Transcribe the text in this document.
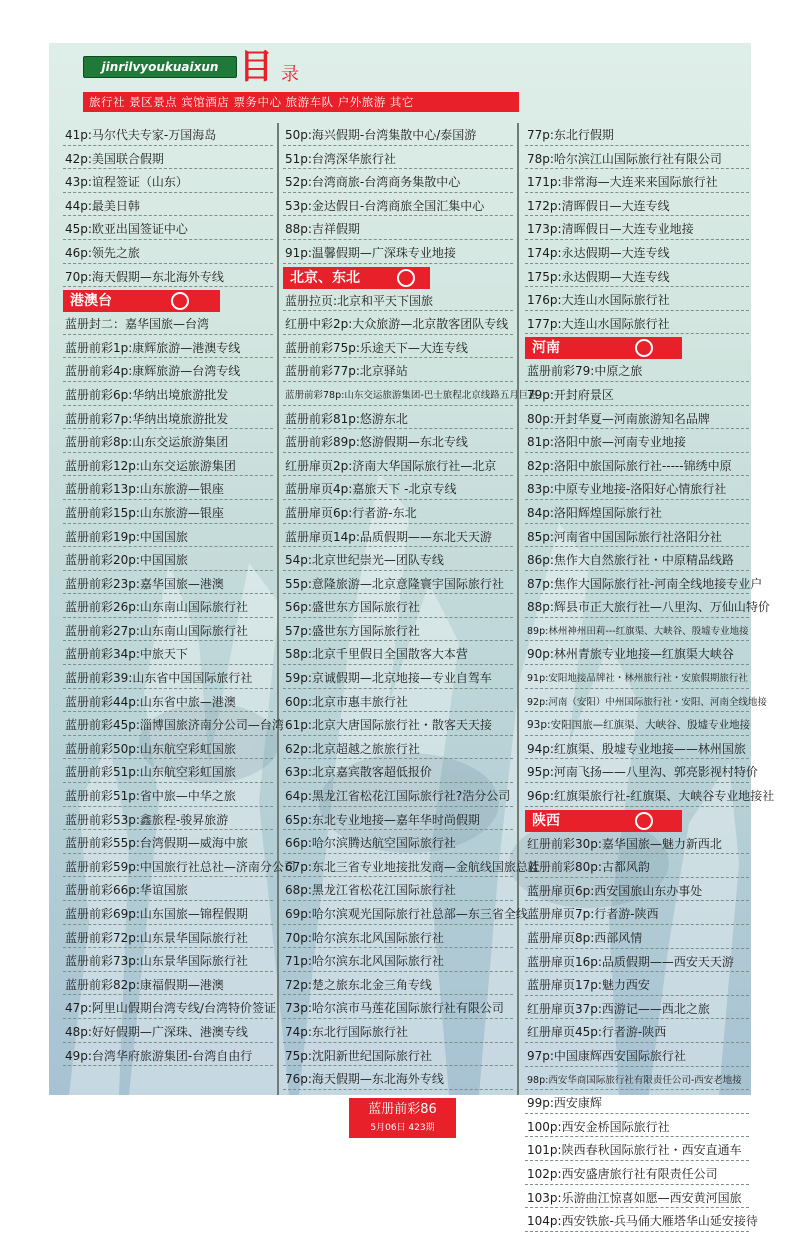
jinrilvyoukuaixun 目 录
旅行社 景区景点 宾馆酒店 票务中心 旅游车队 户外旅游 其它
41p:马尔代夫专家-万国海岛
42p:美国联合假期
43p:谊程签证（山东）
44p:最美日韩
45p:欧亚出国签证中心
46p:领先之旅
70p:海天假期—东北海外专线
港澳台
蓝册封二：嘉华国旅—台湾
蓝册前彩1p:康辉旅游—港澳专线
蓝册前彩4p:康辉旅游—台湾专线
蓝册前彩6p:华纳出境旅游批发
蓝册前彩7p:华纳出境旅游批发
蓝册前彩8p:山东交运旅游集团
蓝册前彩12p:山东交运旅游集团
蓝册前彩13p:山东旅游—银座
蓝册前彩15p:山东旅游—银座
蓝册前彩19p:中国国旅
蓝册前彩20p:中国国旅
蓝册前彩23p:嘉华国旅—港澳
蓝册前彩26p:山东南山国际旅行社
蓝册前彩27p:山东南山国际旅行社
蓝册前彩34p:中旅天下
蓝册前彩39:山东省中国国际旅行社
蓝册前彩44p:山东省中旅—港澳
蓝册前彩45p:淄博国旅济南分公司—台湾
蓝册前彩50p:山东航空彩虹国旅
蓝册前彩51p:山东航空彩虹国旅
蓝册前彩51p:省中旅—中华之旅
蓝册前彩53p:鑫旅程-骏昇旅游
蓝册前彩55p:台湾假期—威海中旅
蓝册前彩59p:中国旅行社总社—济南分公司
蓝册前彩66p:华谊国旅
蓝册前彩69p:山东国旅—锦程假期
蓝册前彩72p:山东景华国际旅行社
蓝册前彩73p:山东景华国际旅行社
蓝册前彩82p:康福假期—港澳
47p:阿里山假期台湾专线/台湾特价签证
48p:好好假期—广深珠、港澳专线
49p:台湾华府旅游集团-台湾自由行
50p:海兴假期-台湾集散中心/泰国游
51p:台湾深华旅行社
52p:台湾商旅-台湾商务集散中心
53p:金达假日-台湾商旅全国汇集中心
88p:吉祥假期
91p:温馨假期—广深珠专业地接
北京、东北
蓝册拉页:北京和平天下国旅
红册中彩2p:大众旅游—北京散客团队专线
蓝册前彩75p:乐途天下—大连专线
蓝册前彩77p:北京驿站
蓝册前彩78p:山东交运旅游集团-巴士旅程北京线路五月巨惠
蓝册前彩81p:悠游东北
蓝册前彩89p:悠游假期—东北专线
红册扉页2p:济南大华国际旅行社—北京
蓝册扉页4p:嘉旅天下 -北京专线
蓝册扉页6p:行者游-东北
蓝册扉页14p:品质假期——东北天天游
54p:北京世纪崇光—团队专线
55p:意隆旅游—北京意隆寰宇国际旅行社
56p:盛世东方国际旅行社
57p:盛世东方国际旅行社
58p:北京千里假日全国散客大本营
59p:京诚假期—北京地接—专业自驾车
60p:北京市惠丰旅行社
61p:北京大唐国际旅行社・散客天天接
62p:北京超越之旅旅行社
63p:北京嘉宾散客超低报价
64p:黑龙江省松花江国际旅行社?浩分公司
65p:东北专业地接—嘉年华时尚假期
66p:哈尔滨腾达航空国际旅行社
67p:东北三省专业地接批发商—金航线国旅总社
68p:黑龙江省松花江国际旅行社
69p:哈尔滨观光国际旅行社总部—东三省全线
70p:哈尔滨东北风国际旅行社
71p:哈尔滨东北风国际旅行社
72p:楚之旅东北金三角专线
73p:哈尔滨市马莲花国际旅行社有限公司
74p:东北行国际旅行社
75p:沈阳新世纪国际旅行社
76p:海天假期—东北海外专线
77p:东北行假期
78p:哈尔滨江山国际旅行社有限公司
171p:非常海—大连来来国际旅行社
172p:清晖假日—大连专线
173p:清晖假日—大连专业地接
174p:永达假期—大连专线
175p:永达假期—大连专线
176p:大连山水国际旅行社
177p:大连山水国际旅行社
河南
蓝册前彩79:中原之旅
79p:开封府景区
80p:开封华夏—河南旅游知名品牌
81p:洛阳中旅—河南专业地接
82p:洛阳中旅国际旅行社-----锦绣中原
83p:中原专业地接-洛阳好心情旅行社
84p:洛阳辉煌国际旅行社
85p:河南省中国国际旅行社洛阳分社
86p:焦作大自然旅行社・中原精品线路
87p:焦作大国际旅行社-河南全线地接专业户
88p:辉县市正大旅行社—八里沟、万仙山特价
89p:林州神州田莉---红旗渠、大峡谷、殷墟专业地接
90p:林州青旅专业地接—红旗渠大峡谷
91p:安阳地接品牌社・林州旅行社・安旅假期旅行社
92p:河南（安阳）中州国际旅行社・安阳、河南全线地接
93p:安阳国旅—红旗渠、大峡谷、殷墟专业地接
94p:红旗渠、殷墟专业地接——林州国旅
95p:河南飞扬——八里沟、郭亮影视村特价
96p:红旗渠旅行社-红旗渠、大峡谷专业地接社
陕西
红册前彩30p:嘉华国旅—魅力新西北
蓝册前彩80p:古都风韵
蓝册扉页6p:西安国旅山东办事处
蓝册扉页7p:行者游-陕西
蓝册扉页8p:西部风情
蓝册扉页16p:品质假期——西安天天游
蓝册扉页17p:魅力西安
红册扉页37p:西游记——西北之旅
红册扉页45p:行者游-陕西
97p:中国康辉西安国际旅行社
98p:西安华商国际旅行社有限责任公司-西安老地接
99p:西安康辉
100p:西安金桥国际旅行社
101p:陕西春秋国际旅行社・西安直通车
102p:西安盛唐旅行社有限责任公司
103p:乐游曲江惊喜如愿—西安黄河国旅
104p:西安铁旅-兵马俑大雁塔华山延安接待
蓝册前彩86
5月06日 423期
